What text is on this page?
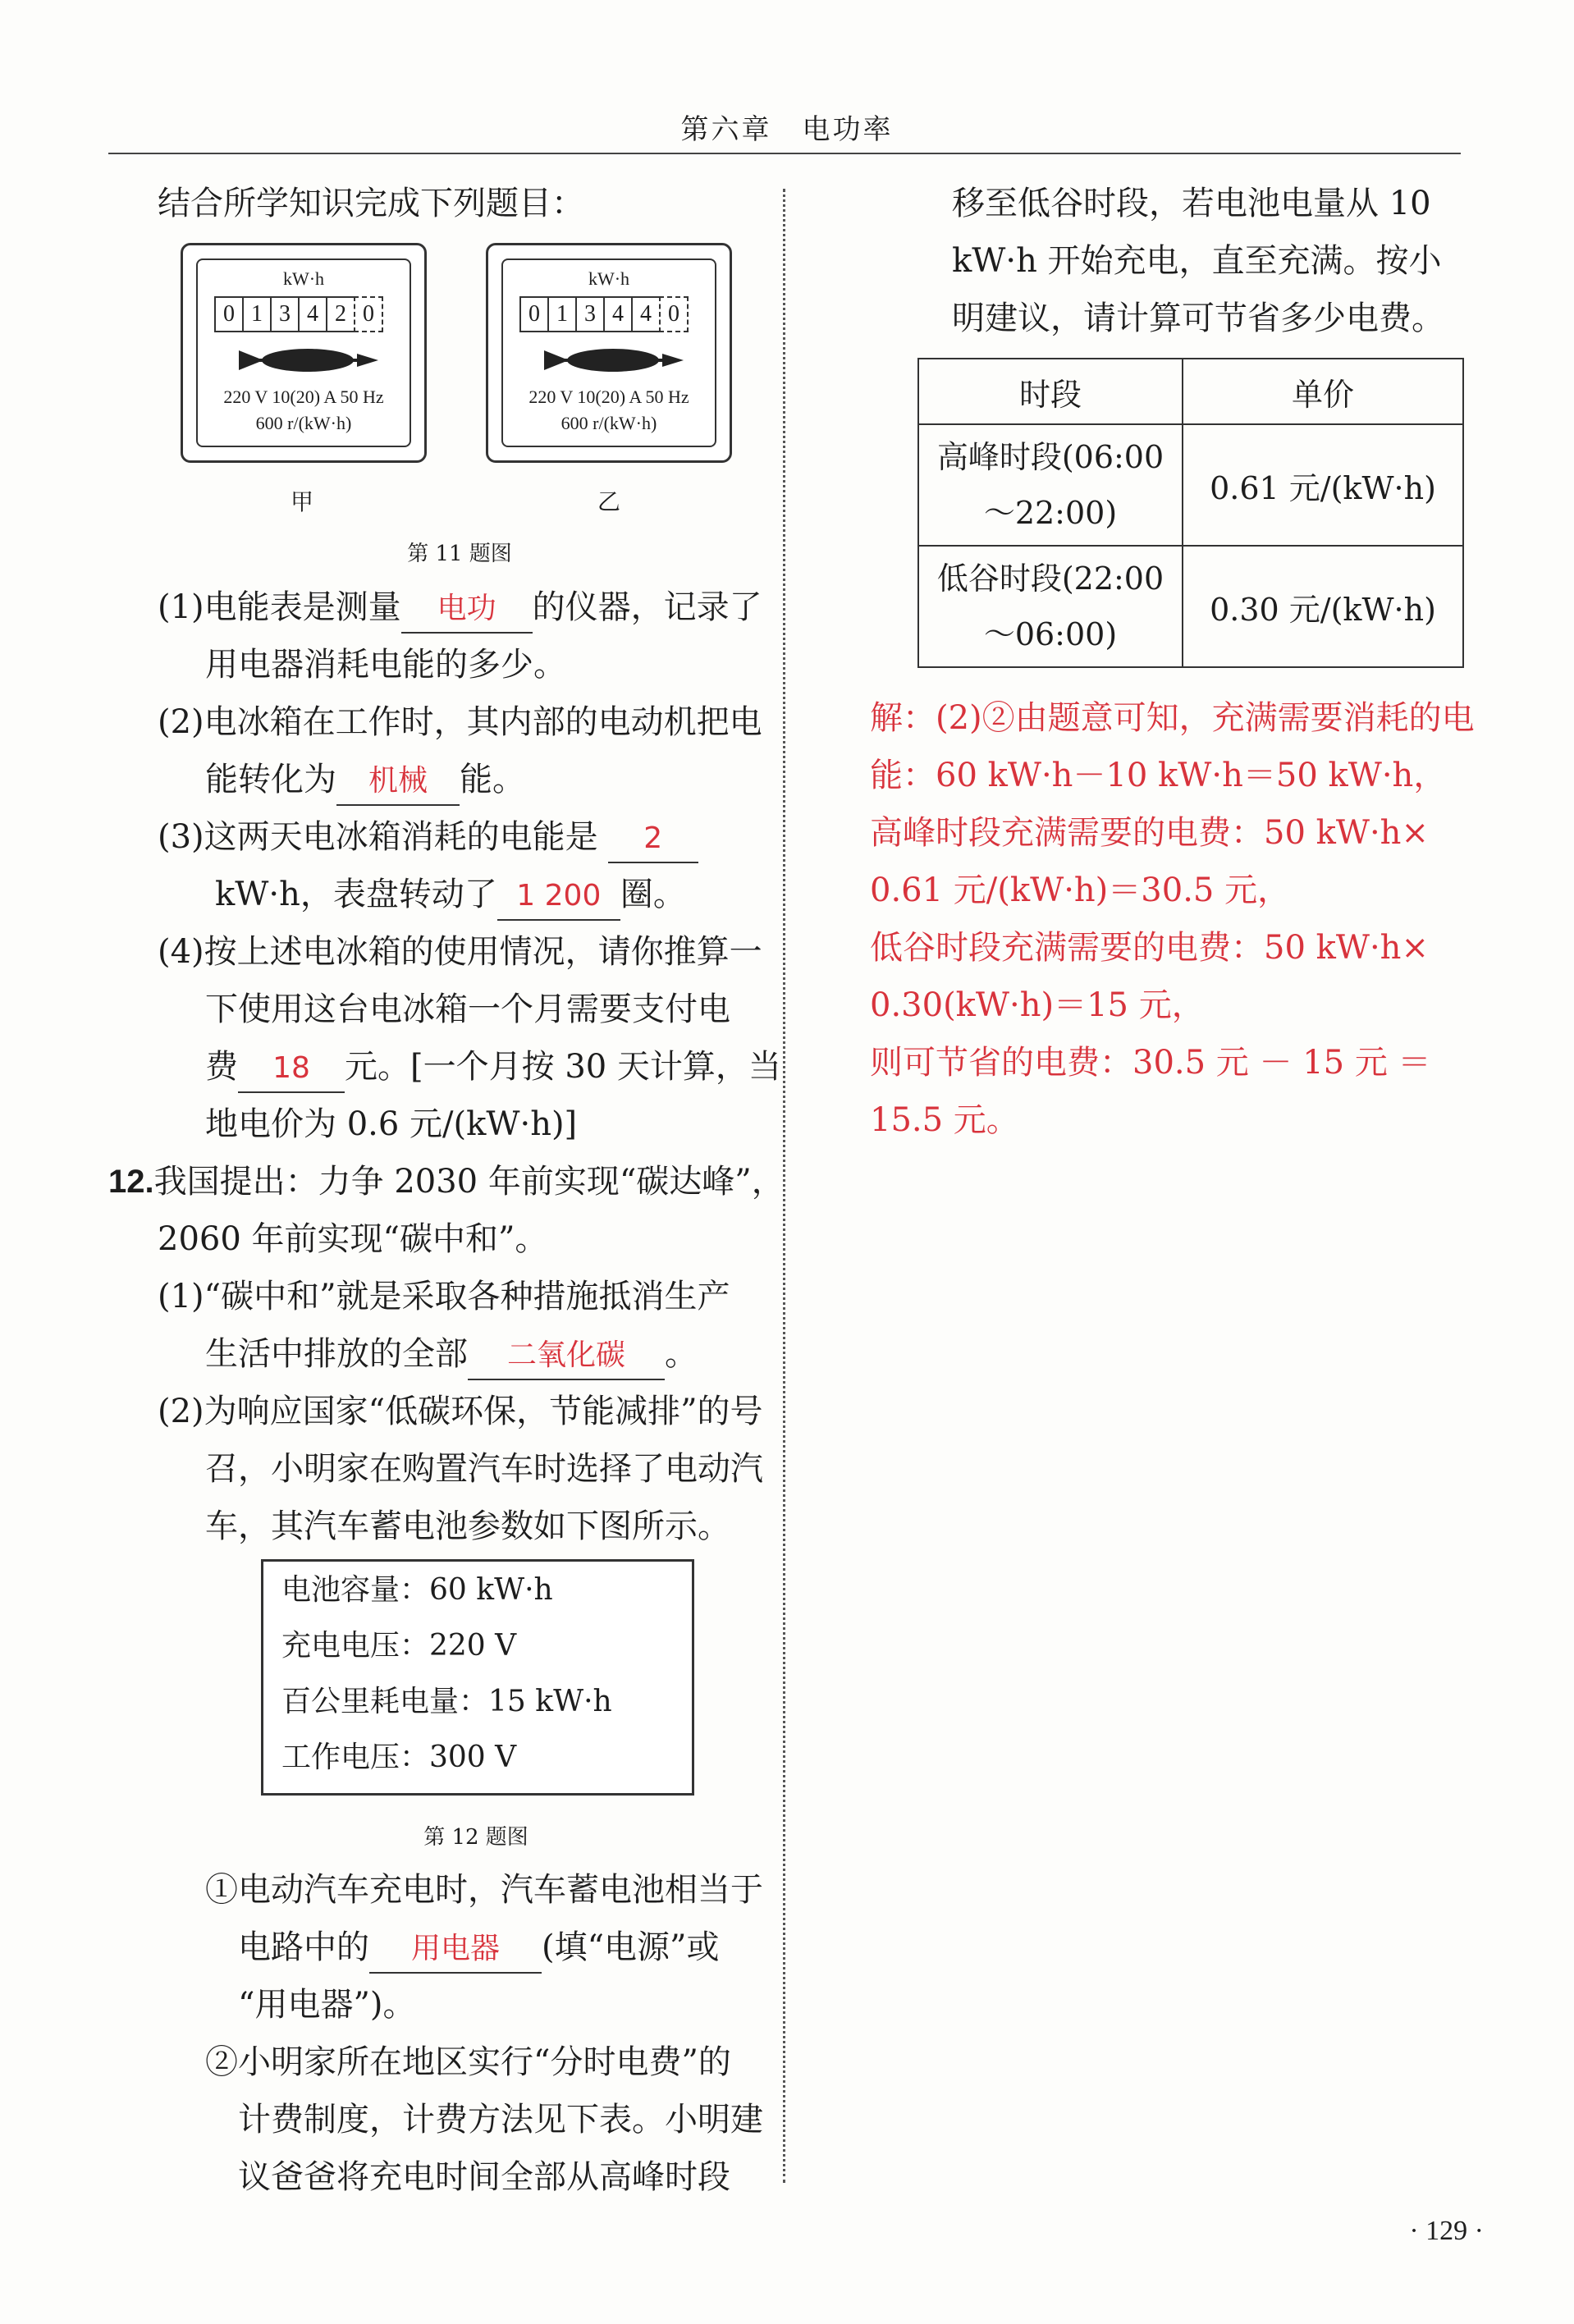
第六章　电功率
结合所学知识完成下列题目：
kW·h
0 1 3 4 2 0
220 V 10(20) A 50 Hz
600 r/(kW·h)
甲
kW·h
0 1 3 4 4 0
220 V 10(20) A 50 Hz
600 r/(kW·h)
乙
第 11 题图
(1)电能表是测量 电功 的仪器，记录了
用电器消耗电能的多少。
(2)电冰箱在工作时，其内部的电动机把电
能转化为 机械 能。
(3)这两天电冰箱消耗的电能是 2
kW·h，表盘转动了 1 200 圈。
(4)按上述电冰箱的使用情况，请你推算一
下使用这台电冰箱一个月需要支付电
费 18 元。[一个月按 30 天计算，当
地电价为 0.6 元/(kW·h)]
12.我国提出：力争 2030 年前实现“碳达峰”，
2060 年前实现“碳中和”。
(1)“碳中和”就是采取各种措施抵消生产
生活中排放的全部 二氧化碳 。
(2)为响应国家“低碳环保，节能减排”的号
召，小明家在购置汽车时选择了电动汽
车，其汽车蓄电池参数如下图所示。
电池容量：60 kW·h
充电电压：220 V
百公里耗电量：15 kW·h
工作电压：300 V
第 12 题图
①电动汽车充电时，汽车蓄电池相当于
电路中的 用电器 (填“电源”或
“用电器”)。
②小明家所在地区实行“分时电费”的
计费制度，计费方法见下表。小明建
议爸爸将充电时间全部从高峰时段
移至低谷时段，若电池电量从 10
kW·h 开始充电，直至充满。按小
明建议，请计算可节省多少电费。
时段	单价

高峰时段(06:00
～22:00)	0.61 元/(kW·h)

低谷时段(22:00
～06:00)	0.30 元/(kW·h)
解：(2)②由题意可知，充满需要消耗的电
能：60 kW·h－10 kW·h＝50 kW·h，
高峰时段充满需要的电费：50 kW·h×
0.61 元/(kW·h)＝30.5 元，
低谷时段充满需要的电费：50 kW·h×
0.30(kW·h)＝15 元，
则可节省的电费：30.5 元 － 15 元 ＝
15.5 元。
· 129 ·
